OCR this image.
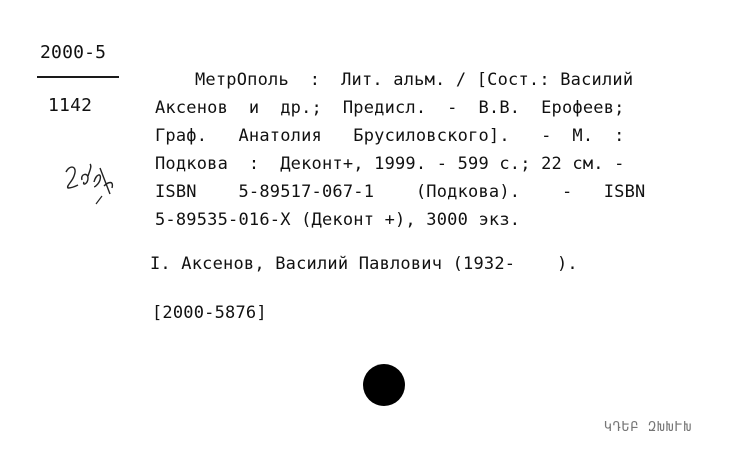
2000-5
1142
МетрОполь  :  Лит. альм. / [Сост.: Василий
Аксенов  и  др.;  Предисл.  -  В.В.  Ерофеев;
Граф.   Анатолия   Брусиловского].   -  М.  :
Подкова  :  Деконт+, 1999. - 599 с.; 22 см. -
ISBN    5-89517-067-1    (Подкова).    -   ISBN
5-89535-016-X (Деконт +), 3000 экз.
I. Аксенов, Василий Павлович (1932-    ).
[2000-5876]
ԿԴԵԲ ԶԽԽՒԽ
